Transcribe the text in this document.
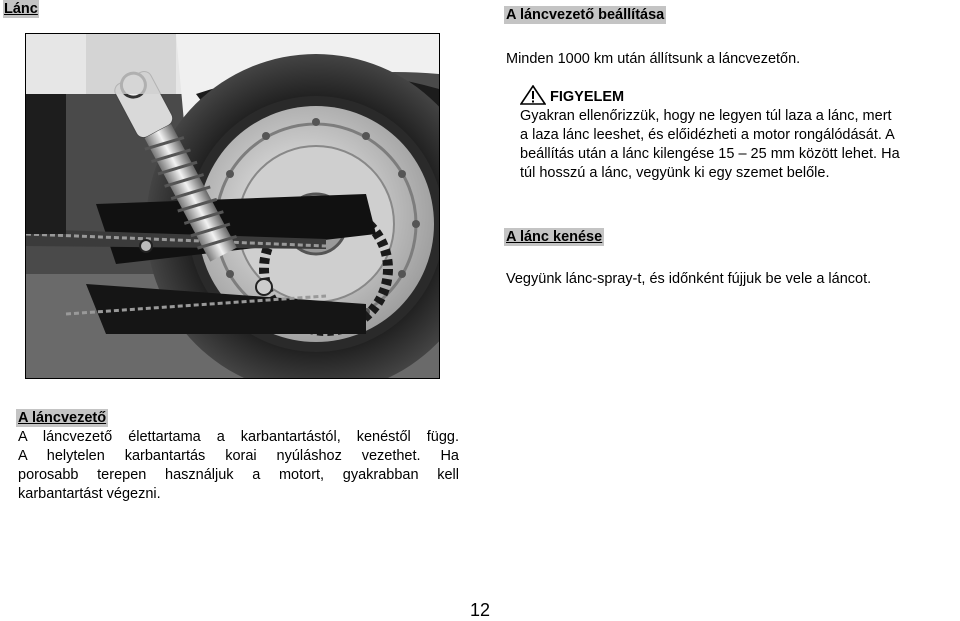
Lánc	A láncvezető beállítása
Minden 1000 km után állítsunk a láncvezetőn.
FIGYELEM
Gyakran ellenőrizzük, hogy ne legyen túl laza a lánc, mert
a laza lánc leeshet, és előidézheti a motor rongálódását. A
beállítás után a lánc kilengése 15 – 25 mm között lehet. Ha
túl hosszú a lánc, vegyünk ki egy szemet belőle.
A lánc kenése
Vegyünk lánc-spray-t, és időnként fújjuk be vele a láncot.
A láncvezető
A láncvezető élettartama a karbantartástól, kenéstől függ.
A helytelen karbantartás korai nyúláshoz vezethet. Ha
porosabb terepen használjuk a motort, gyakrabban kell
karbantartást végezni.
12
